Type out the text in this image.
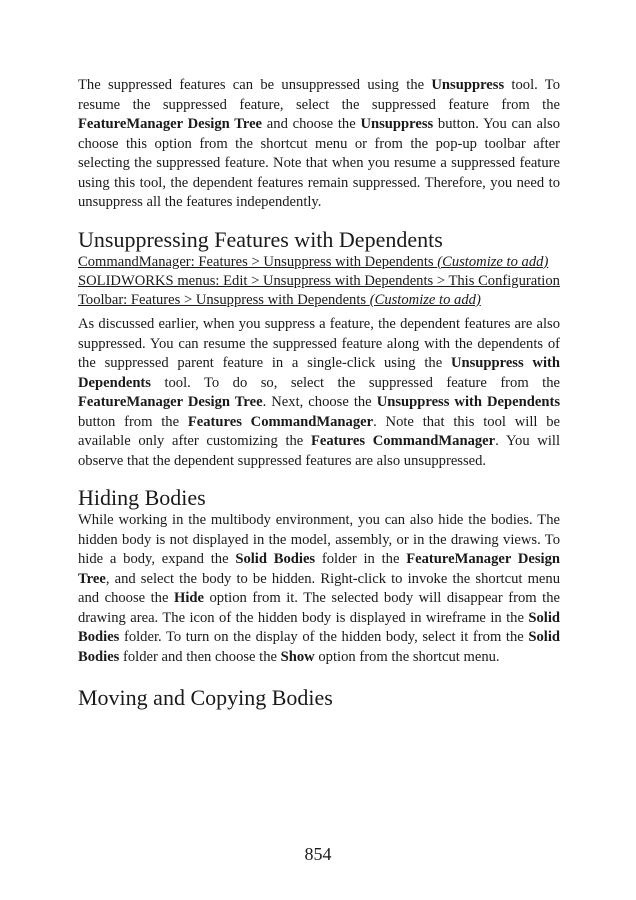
The suppressed features can be unsuppressed using the Unsuppress tool. To resume the suppressed feature, select the suppressed feature from the FeatureManager Design Tree and choose the Unsuppress button. You can also choose this option from the shortcut menu or from the pop-up toolbar after selecting the suppressed feature. Note that when you resume a suppressed feature using this tool, the dependent features remain suppressed. Therefore, you need to unsuppress all the features independently.

Unsuppressing Features with Dependents
CommandManager: Features > Unsuppress with Dependents (Customize to add)
SOLIDWORKS menus: Edit > Unsuppress with Dependents > This Configuration
Toolbar: Features > Unsuppress with Dependents (Customize to add)

As discussed earlier, when you suppress a feature, the dependent features are also suppressed. You can resume the suppressed feature along with the dependents of the suppressed parent feature in a single-click using the Unsuppress with Dependents tool. To do so, select the suppressed feature from the FeatureManager Design Tree. Next, choose the Unsuppress with Dependents button from the Features CommandManager. Note that this tool will be available only after customizing the Features CommandManager. You will observe that the dependent suppressed features are also unsuppressed.

Hiding Bodies

While working in the multibody environment, you can also hide the bodies. The hidden body is not displayed in the model, assembly, or in the drawing views. To hide a body, expand the Solid Bodies folder in the FeatureManager Design Tree, and select the body to be hidden. Right-click to invoke the shortcut menu and choose the Hide option from it. The selected body will disappear from the drawing area. The icon of the hidden body is displayed in wireframe in the Solid Bodies folder. To turn on the display of the hidden body, select it from the Solid Bodies folder and then choose the Show option from the shortcut menu.

Moving and Copying Bodies
854
